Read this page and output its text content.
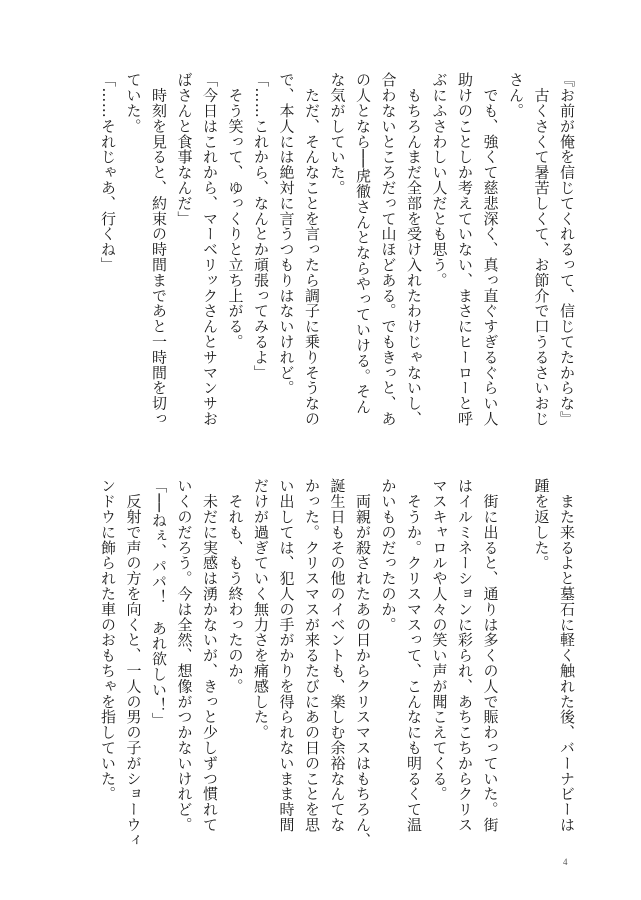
『お前が俺を信じてくれるって、信じてたからな』
　古くさくて暑苦しくて、お節介で口うるさいおじ
さん。
　でも、強くて慈悲深く、真っ直ぐすぎるぐらい人
助けのことしか考えていない、まさにヒーローと呼
ぶにふさわしい人だとも思う。
　もちろんまだ全部を受け入れたわけじゃないし、
合わないところだって山ほどある。でもきっと、あ
の人となら──虎徹さんとならやっていける。そん
な気がしていた。
　ただ、そんなことを言ったら調子に乗りそうなの
で、本人には絶対に言うつもりはないけれど。
「……これから、なんとか頑張ってみるよ」
　そう笑って、ゆっくりと立ち上がる。
「今日はこれから、マーベリックさんとサマンサお
ばさんと食事なんだ」
　時刻を見ると、約束の時間まであと一時間を切っ
ていた。
「……それじゃあ、行くね」
　また来るよと墓石に軽く触れた後、バーナビーは
踵を返した。

　街に出ると、通りは多くの人で賑わっていた。街
はイルミネーションに彩られ、あちこちからクリス
マスキャロルや人々の笑い声が聞こえてくる。
　そうか。クリスマスって、こんなにも明るくて温
かいものだったのか。
　両親が殺されたあの日からクリスマスはもちろん、
誕生日もその他のイベントも、楽しむ余裕なんてな
かった。クリスマスが来るたびにあの日のことを思
い出しては、犯人の手がかりを得られないまま時間
だけが過ぎていく無力さを痛感した。
　それも、もう終わったのか。
　未だに実感は湧かないが、きっと少しずつ慣れて
いくのだろう。今は全然、想像がつかないけれど。
「──ねぇ、パパ！　あれ欲しい！」
　反射で声の方を向くと、一人の男の子がショーウィ
ンドウに飾られた車のおもちゃを指していた。
4
